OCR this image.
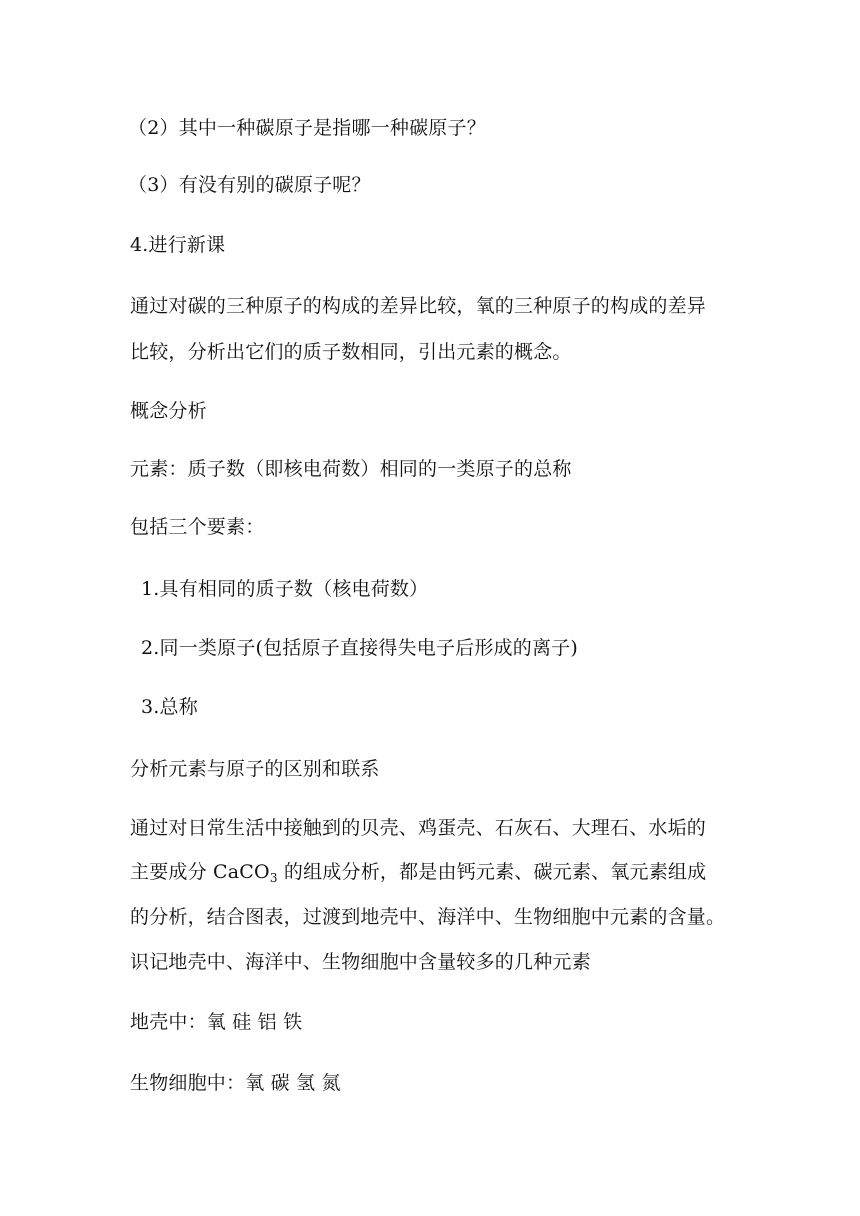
（2）其中一种碳原子是指哪一种碳原子？
（3）有没有别的碳原子呢？
4.进行新课
通过对碳的三种原子的构成的差异比较，氧的三种原子的构成的差异
比较，分析出它们的质子数相同，引出元素的概念。
概念分析
元素：质子数（即核电荷数）相同的一类原子的总称
包括三个要素：
1.具有相同的质子数（核电荷数）
2.同一类原子(包括原子直接得失电子后形成的离子)
3.总称
分析元素与原子的区别和联系
通过对日常生活中接触到的贝壳、鸡蛋壳、石灰石、大理石、水垢的
主要成分 CaCO$_3$ 的组成分析，都是由钙元素、碳元素、氧元素组成
的分析，结合图表，过渡到地壳中、海洋中、生物细胞中元素的含量。
识记地壳中、海洋中、生物细胞中含量较多的几种元素
地壳中：氧 硅 铝 铁
生物细胞中：氧 碳 氢 氮
